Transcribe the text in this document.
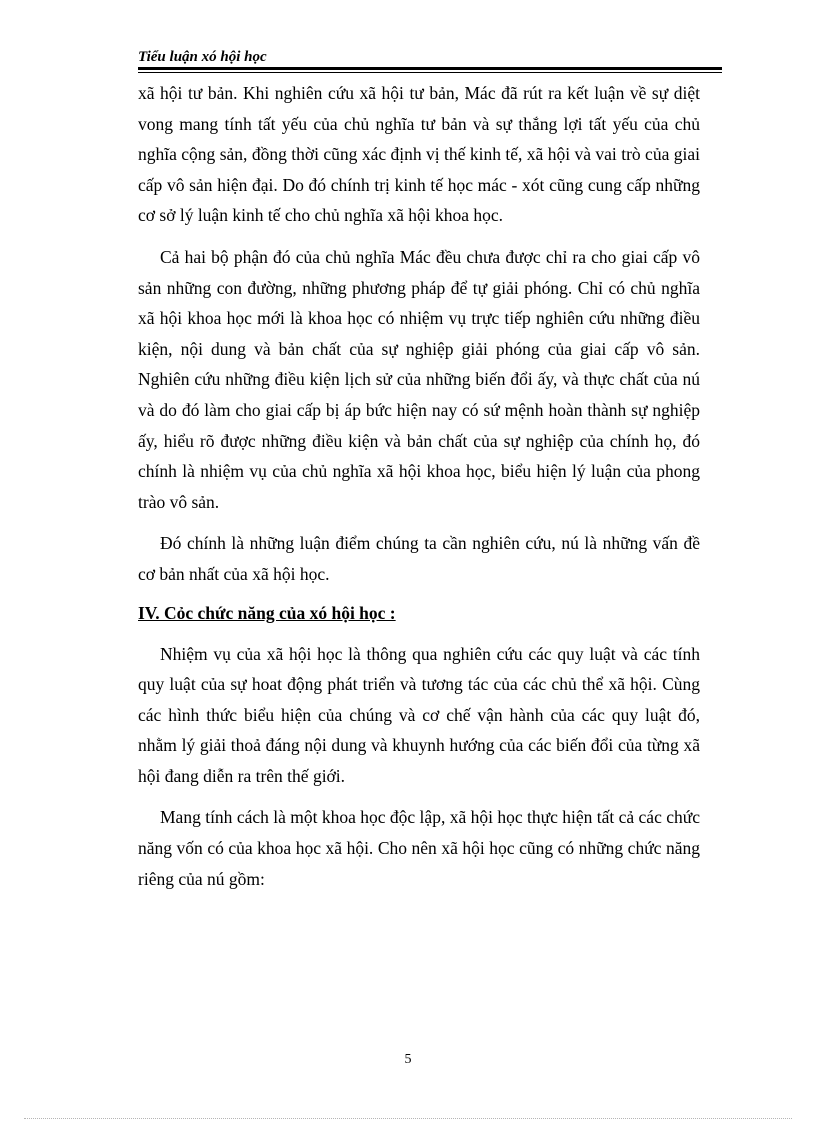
Tiểu luận xó hội học

xã hội tư bản. Khi nghiên cứu xã hội tư bản, Mác đã rút ra kết luận về sự diệt vong mang tính tất yếu của chủ nghĩa tư bản và sự thắng lợi tất yếu của chủ nghĩa cộng sản, đồng thời cũng xác định vị thế kinh tế, xã hội và vai trò của giai cấp vô sản hiện đại. Do đó chính trị kinh tế học mác - xót cũng cung cấp những cơ sở lý luận kinh tế cho chủ nghĩa xã hội khoa học.

Cả hai bộ phận đó của chủ nghĩa Mác đều chưa được chỉ ra cho giai cấp vô sản những con đường, những phương pháp để tự giải phóng. Chỉ có chủ nghĩa xã hội khoa học mới là khoa học có nhiệm vụ trực tiếp nghiên cứu những điều kiện, nội dung và bản chất của sự nghiệp giải phóng của giai cấp vô sản. Nghiên cứu những điều kiện lịch sử của những biến đổi ấy, và thực chất của nú và do đó làm cho giai cấp bị áp bức hiện nay có sứ mệnh hoàn thành sự nghiệp ấy, hiểu rõ được những điều kiện và bản chất của sự nghiệp của chính họ, đó chính là nhiệm vụ của chủ nghĩa xã hội khoa học, biểu hiện lý luận của phong trào vô sản.

Đó chính là những luận điểm chúng ta cần nghiên cứu, nú là những vấn đề cơ bản nhất của xã hội học.

IV. Cỏc chức năng của xó hội học :

Nhiệm vụ của xã hội học là thông qua nghiên cứu các quy luật và các tính quy luật của sự hoat động phát triển và tương tác của các chủ thể xã hội. Cùng các hình thức biểu hiện của chúng và cơ chế vận hành của các quy luật đó, nhằm lý giải thoả đáng nội dung và khuynh hướng của các biến đổi của từng xã hội đang diễn ra trên thế giới.

Mang tính cách là một khoa học độc lập, xã hội học thực hiện tất cả các chức năng vốn có của khoa học xã hội. Cho nên xã hội học cũng có những chức năng riêng của nú gồm:

5
